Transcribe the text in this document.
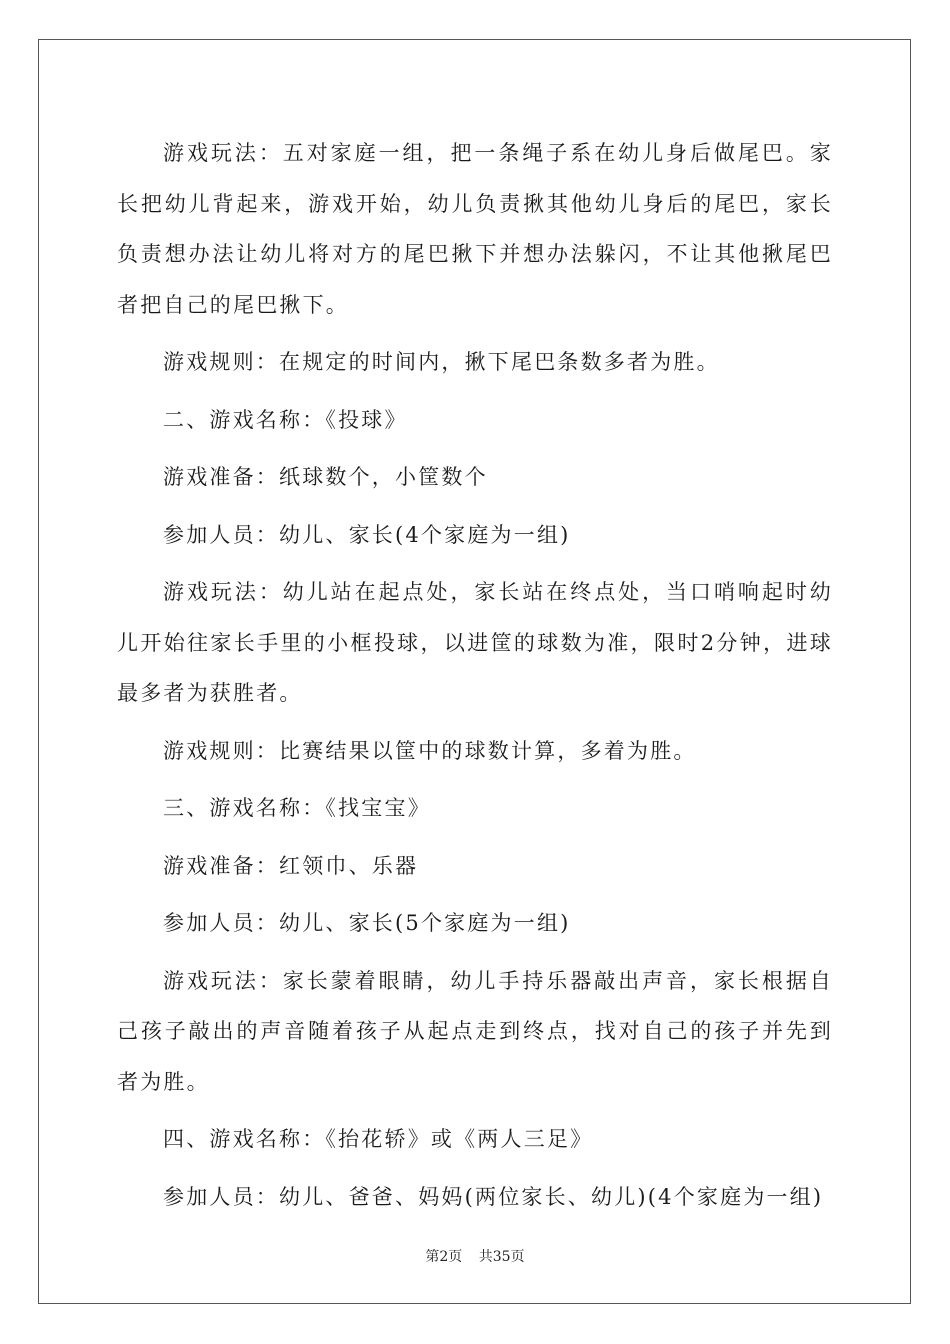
游戏玩法：五对家庭一组，把一条绳子系在幼儿身后做尾巴。家长把幼儿背起来，游戏开始，幼儿负责揪其他幼儿身后的尾巴，家长负责想办法让幼儿将对方的尾巴揪下并想办法躲闪，不让其他揪尾巴者把自己的尾巴揪下。

游戏规则：在规定的时间内，揪下尾巴条数多者为胜。

二、游戏名称：《投球》

游戏准备：纸球数个，小筐数个

参加人员：幼儿、家长(4个家庭为一组)

游戏玩法：幼儿站在起点处，家长站在终点处，当口哨响起时幼儿开始往家长手里的小框投球，以进筐的球数为准，限时2分钟，进球最多者为获胜者。

游戏规则：比赛结果以筐中的球数计算，多着为胜。

三、游戏名称：《找宝宝》

游戏准备：红领巾、乐器

参加人员：幼儿、家长(5个家庭为一组)

游戏玩法：家长蒙着眼睛，幼儿手持乐器敲出声音，家长根据自己孩子敲出的声音随着孩子从起点走到终点，找对自己的孩子并先到者为胜。

四、游戏名称：《抬花轿》或《两人三足》

参加人员：幼儿、爸爸、妈妈(两位家长、幼儿)(4个家庭为一组)

第2页 共35页
